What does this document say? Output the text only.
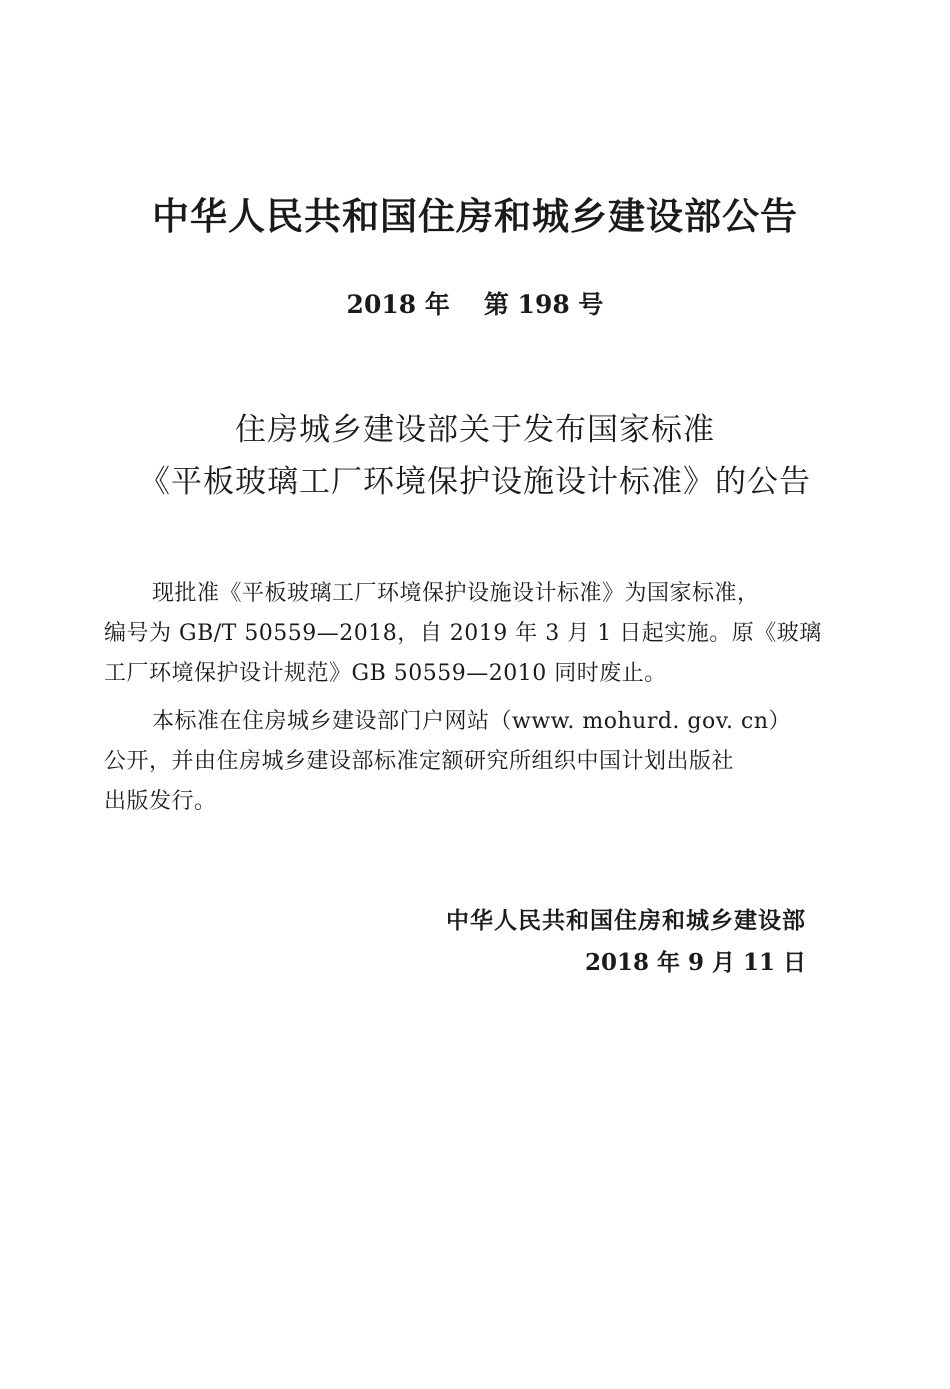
中华人民共和国住房和城乡建设部公告
2018 年 第 198 号
住房城乡建设部关于发布国家标准
《平板玻璃工厂环境保护设施设计标准》的公告
现批准《平板玻璃工厂环境保护设施设计标准》为国家标准，
编号为 GB/T 50559—2018，自 2019 年 3 月 1 日起实施。原《玻璃
工厂环境保护设计规范》GB 50559—2010 同时废止。
本标准在住房城乡建设部门户网站（www. mohurd. gov. cn）
公开，并由住房城乡建设部标准定额研究所组织中国计划出版社
出版发行。
中华人民共和国住房和城乡建设部
2018 年 9 月 11 日
